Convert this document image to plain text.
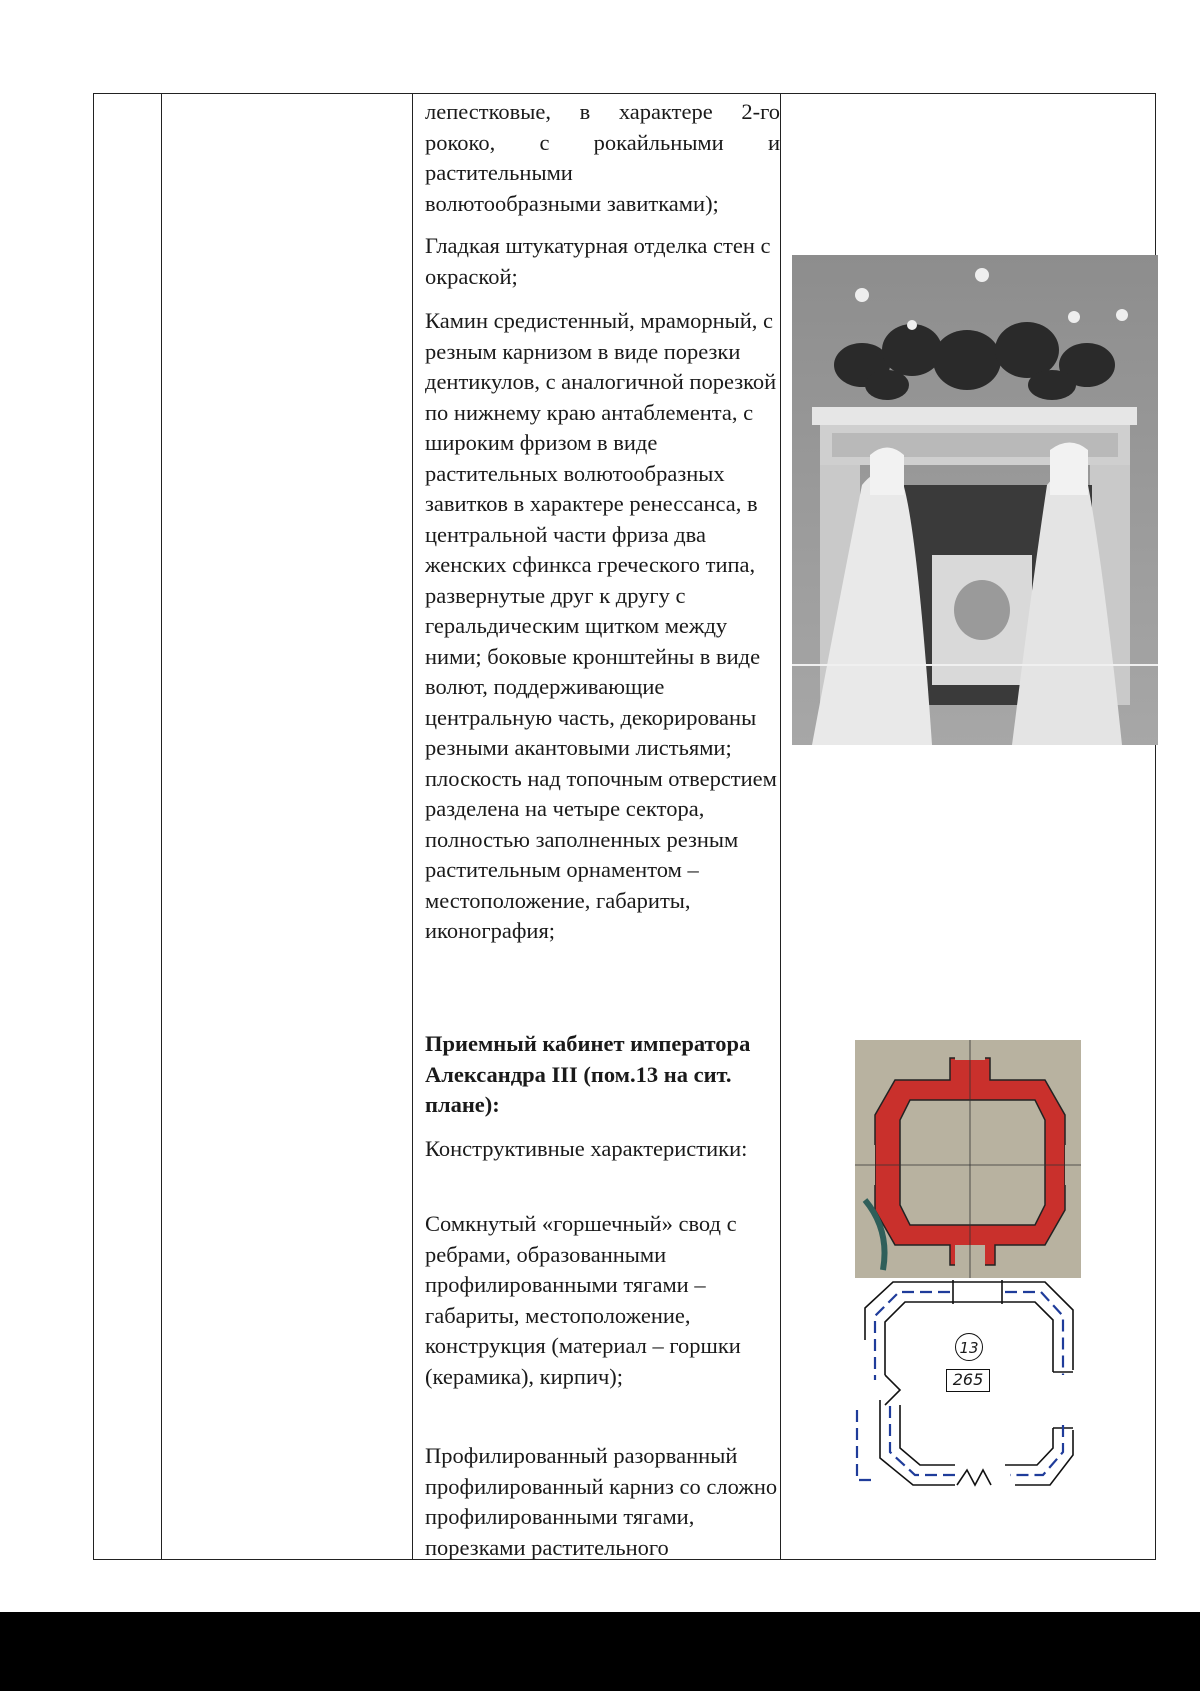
лепестковые, в характере 2-го
рококо, с рокайльными и
растительными
волютообразными завитками);

Гладкая штукатурная отделка стен с окраской;

Камин средистенный, мраморный, с резным карнизом в виде порезки дентикулов, с аналогичной порезкой по нижнему краю антаблемента, с широким фризом в виде растительных волютообразных завитков в характере ренессанса, в центральной части фриза два женских сфинкса греческого типа, развернутые друг к другу с геральдическим щитком между ними; боковые кронштейны в виде волют, поддерживающие центральную часть, декорированы резными акантовыми листьями; плоскость над топочным отверстием разделена на четыре сектора, полностью заполненных резным растительным орнаментом – местоположение, габариты, иконография;

Приемный кабинет императора Александра III (пом.13 на сит. плане):

Конструктивные характеристики:

Сомкнутый «горшечный» свод с ребрами, образованными профилированными тягами – габариты, местоположение, конструкция (материал – горшки (керамика), кирпич);

Профилированный разорванный профилированный карниз со сложно профилированными тягами, порезками растительного

13
265
